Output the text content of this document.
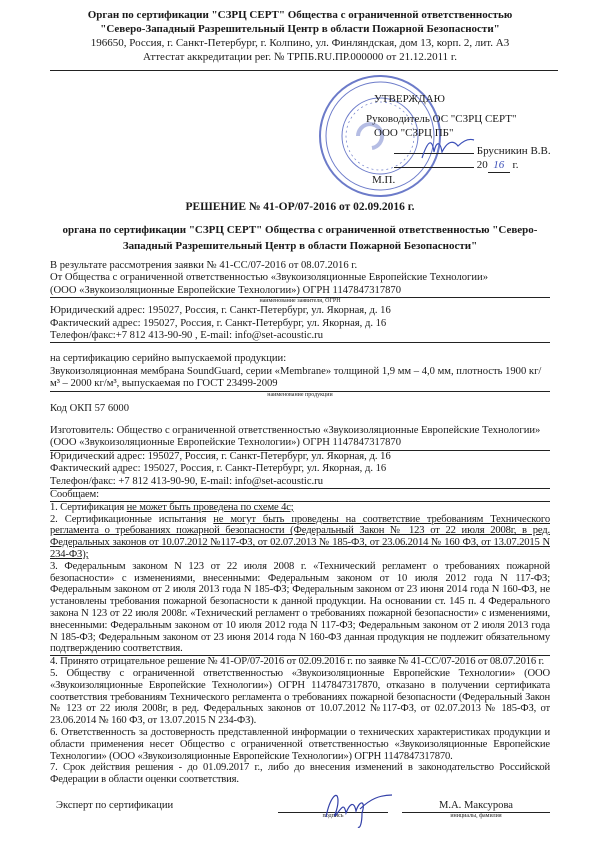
Орган по сертификации "СЗРЦ СЕРТ" Общества с ограниченной ответственностью
"Северо-Западный Разрешительный Центр в области Пожарной Безопасности"
196650, Россия, г. Санкт-Петербург, г. Колпино, ул. Финляндская, дом 13, корп. 2, лит. А3
Аттестат аккредитации рег. № ТРПБ.RU.ПР.000000 от 21.12.2011 г.
УТВЕРЖДАЮ
Руководитель ОС "СЗРЦ СЕРТ"
ООО "СЗРЦ ПБ"
Брусникин В.В.
20 16 г.
М.П.
РЕШЕНИЕ № 41-ОР/07-2016 от 02.09.2016 г.
органа по сертификации "СЗРЦ СЕРТ" Общества с ограниченной ответственностью "Северо-Западный Разрешительный Центр в области Пожарной Безопасности"

В результате рассмотрения заявки № 41-СС/07-2016 от 08.07.2016 г.

От Общества с ограниченной ответственностью «Звукоизоляционные Европейские Технологии»

(ООО «Звукоизоляционные Европейские Технологии») ОГРН 1147847317870

наименование заявителя, ОГРН

Юридический адрес: 195027, Россия, г. Санкт-Петербург, ул. Якорная, д. 16

Фактический адрес: 195027, Россия, г. Санкт-Петербург, ул. Якорная, д. 16

Телефон/факс:+7 812 413-90-90 , E-mail: info@set-acoustic.ru

на сертификацию серийно выпускаемой продукции:

Звукоизоляционная мембрана SoundGuard, серии «Membrane» толщиной 1,9 мм – 4,0 мм, плотность 1900 кг/м³ – 2000 кг/м³, выпускаемая по ГОСТ 23499-2009

наименование продукции

Код ОКП 57 6000

Изготовитель: Общество с ограниченной ответственностью «Звукоизоляционные Европейские Технологии»

(ООО «Звукоизоляционные Европейские Технологии») ОГРН 1147847317870

Юридический адрес: 195027, Россия, г. Санкт-Петербург, ул. Якорная, д. 16

Фактический адрес: 195027, Россия, г. Санкт-Петербург, ул. Якорная, д. 16

Телефон/факс: +7 812 413-90-90, E-mail: info@set-acoustic.ru

Сообщаем:

1. Сертификация не может быть проведена по схеме 4с;

2. Сертификационные испытания не могут быть проведены на соответствие требованиям Технического регламента о требованиях пожарной безопасности (Федеральный Закон № 123 от 22 июля 2008г, в ред. Федеральных законов от 10.07.2012 №117-ФЗ, от 02.07.2013 № 185-ФЗ, от 23.06.2014 № 160 ФЗ, от 13.07.2015 N 234-ФЗ);

3. Федеральным законом N 123 от 22 июля 2008 г. «Технический регламент о требованиях пожарной безопасности» с изменениями, внесенными: Федеральным законом от 10 июля 2012 года N 117-ФЗ; Федеральным законом от 2 июля 2013 года N 185-ФЗ; Федеральным законом от 23 июня 2014 года N 160-ФЗ, не установлены требования пожарной безопасности к данной продукции. На основании ст. 145 п. 4 Федерального закона N 123 от 22 июля 2008г. «Технический регламент о требованиях пожарной безопасности» с изменениями, внесенными: Федеральным законом от 10 июля 2012 года N 117-ФЗ; Федеральным законом от 2 июля 2013 года N 185-ФЗ; Федеральным законом от 23 июня 2014 года N 160-ФЗ данная продукция не подлежит обязательному подтверждению соответствия.

4. Принято отрицательное решение № 41-ОР/07-2016 от 02.09.2016 г. по заявке № 41-СС/07-2016 от 08.07.2016 г.

5. Обществу с ограниченной ответственностью «Звукоизоляционные Европейские Технологии» (ООО «Звукоизоляционные Европейские Технологии») ОГРН 1147847317870, отказано в получении сертификата соответствия требованиям Технического регламента о требованиях пожарной безопасности (Федеральный Закон № 123 от 22 июля 2008г, в ред. Федеральных законов от 10.07.2012 №117-ФЗ, от 02.07.2013 № 185-ФЗ, от 23.06.2014 № 160 ФЗ, от 13.07.2015 N 234-ФЗ).

6. Ответственность за достоверность представленной информации о технических характеристиках продукции и области применения несет Общество с ограниченной ответственностью «Звукоизоляционные Европейские Технологии» (ООО «Звукоизоляционные Европейские Технологии») ОГРН 1147847317870.

7. Срок действия решения - до 01.09.2017 г., либо до внесения изменений в законодательство Российской Федерации в области оценки соответствия.

Эксперт по сертификации
подпись
М.А. Максурова
инициалы, фамилия
